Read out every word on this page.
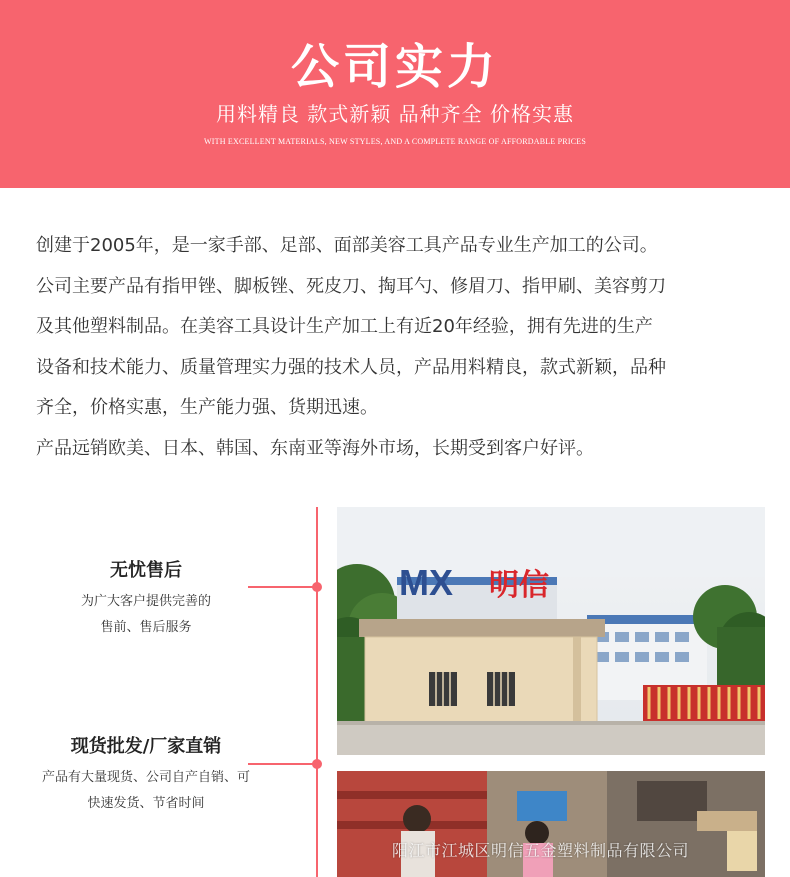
公司实力
用料精良 款式新颖 品种齐全 价格实惠
WITH EXCELLENT MATERIALS, NEW STYLES, AND A COMPLETE RANGE OF AFFORDABLE PRICES

创建于2005年，是一家手部、足部、面部美容工具产品专业生产加工的公司。

公司主要产品有指甲锉、脚板锉、死皮刀、掏耳勺、修眉刀、指甲刷、美容剪刀

及其他塑料制品。在美容工具设计生产加工上有近20年经验，拥有先进的生产

设备和技术能力、质量管理实力强的技术人员，产品用料精良，款式新颖，品种

齐全，价格实惠，生产能力强、货期迅速。

产品远销欧美、日本、韩国、东南亚等海外市场，长期受到客户好评。

无忧售后
为广大客户提供完善的
售前、售后服务
现货批发/厂家直销
产品有大量现货、公司自产自销、可
快速发货、节省时间
MX 明信
阳江市江城区明信五金塑料制品有限公司
